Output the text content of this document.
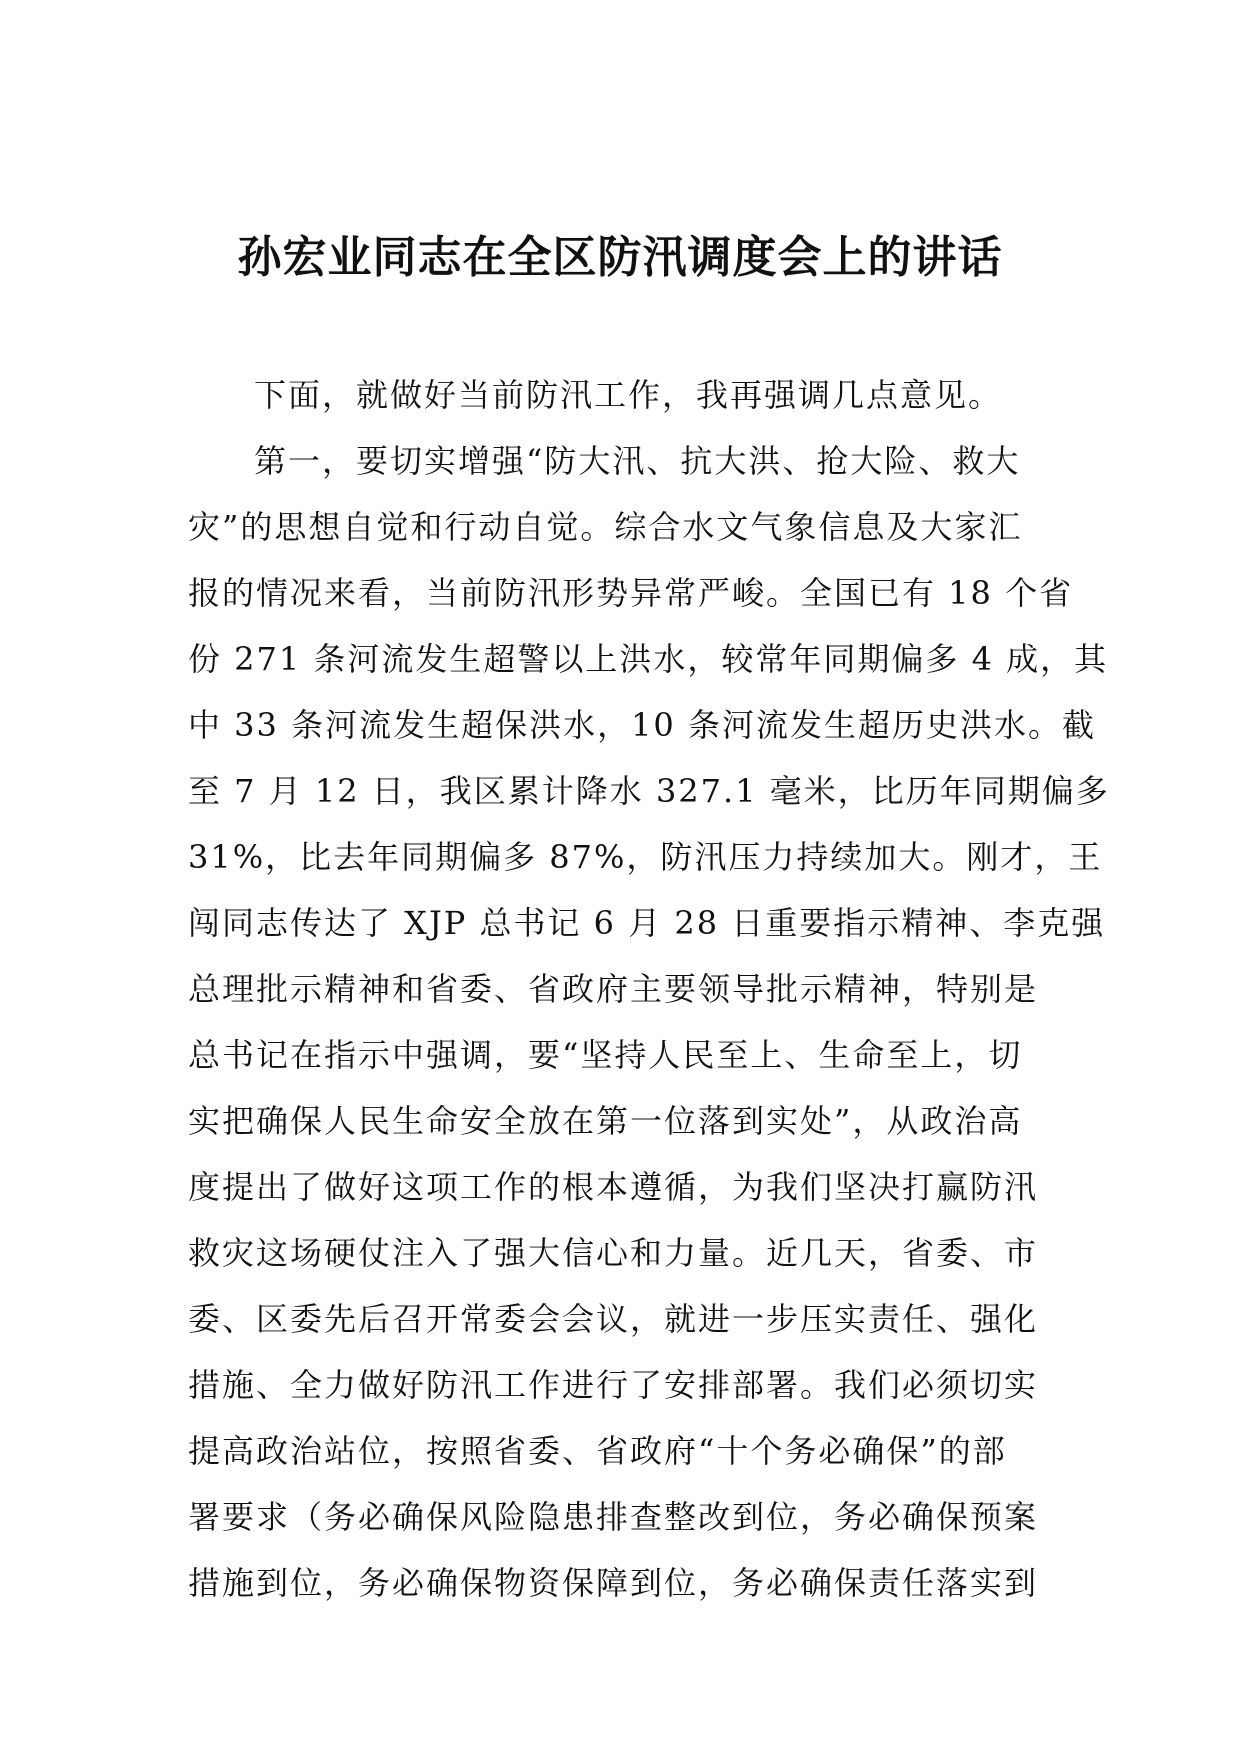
孙宏业同志在全区防汛调度会上的讲话

下面，就做好当前防汛工作，我再强调几点意见。

第一，要切实增强“防大汛、抗大洪、抢大险、救大
灾”的思想自觉和行动自觉。综合水文气象信息及大家汇
报的情况来看，当前防汛形势异常严峻。全国已有 18 个省
份 271 条河流发生超警以上洪水，较常年同期偏多 4 成，其
中 33 条河流发生超保洪水，10 条河流发生超历史洪水。截
至 7 月 12 日，我区累计降水 327.1 毫米，比历年同期偏多
31%，比去年同期偏多 87%，防汛压力持续加大。刚才，王
闯同志传达了 XJP 总书记 6 月 28 日重要指示精神、李克强
总理批示精神和省委、省政府主要领导批示精神，特别是
总书记在指示中强调，要“坚持人民至上、生命至上，切
实把确保人民生命安全放在第一位落到实处”，从政治高
度提出了做好这项工作的根本遵循，为我们坚决打赢防汛
救灾这场硬仗注入了强大信心和力量。近几天，省委、市
委、区委先后召开常委会会议，就进一步压实责任、强化
措施、全力做好防汛工作进行了安排部署。我们必须切实
提高政治站位，按照省委、省政府“十个务必确保”的部
署要求（务必确保风险隐患排查整改到位，务必确保预案
措施到位，务必确保物资保障到位，务必确保责任落实到
